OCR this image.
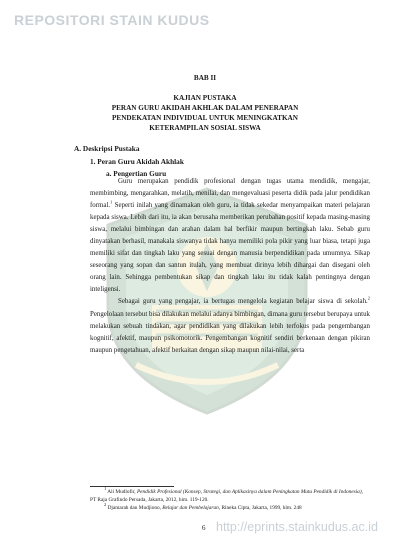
REPOSITORI STAIN KUDUS
BAB II
KAJIAN PUSTAKA
PERAN GURU AKIDAH AKHLAK DALAM PENERAPAN
PENDEKATAN INDIVIDUAL UNTUK MENINGKATKAN
KETERAMPILAN SOSIAL SISWA
A. Deskripsi Pustaka
1. Peran Guru Akidah Akhlak
a. Pengertian Guru

Guru merupakan pendidik profesional dengan tugas utama mendidik, mengajar, membimbing, mengarahkan, melatih, menilai, dan mengevaluasi peserta didik pada jalur pendidikan formal.$^1$ Seperti inilah yang dinamakan oleh guru, ia tidak sekedar menyampaikan materi pelajaran kepada siswa. Lebih dari itu, ia akan berusaha memberikan perubahan positif kepada masing-masing siswa, melalui bimbingan dan arahan dalam hal berfikir maupun bertingkah laku. Sebab guru dinyatakan berhasil, manakala siswanya tidak hanya memiliki pola pikir yang luar biasa, tetapi juga memiliki sifat dan tingkah laku yang sesuai dengan manusia berpendidikan pada umumnya. Sikap seseorang yang sopan dan santun itulah, yang membuat dirinya lebih dihargai dan disegani oleh orang lain. Sehingga pembentukan sikap dan tingkah laku itu tidak kalah pentingnya dengan inteligensi.

Sebagai guru yang pengajar, ia bertugas mengelola kegiatan belajar siswa di sekolah.$^2$ Pengelolaan tersebut bisa dilakukan melalui adanya bimbingan, dimana guru tersebut berupaya untuk melakukan sebuah tindakan, agar pendidikan yang dilakukan lebih terfokus pada pengembangan kognitif, afektif, maupun psikomotorik. Pengembangan kognitif sendiri berkenaan dengan pikiran maupun pengetahuan, afektif berkaitan dengan sikap maupun nilai-nilai, serta

$^1$ Ali Mudlofir, Pendidik Profesional (Konsep, Strategi, dan Aplikasinya dalam Peningkatan Mutu Pendidik di Indonesia), PT Raja Grafindo Persada, Jakarta, 2012, him. 119-120.
$^2$ Djamarah dan Mudjiono, Belajar dan Pembelajaran, Rineka Cipta, Jakarta, 1999, hlm. 248
http://eprints.stainkudus.ac.id
6
